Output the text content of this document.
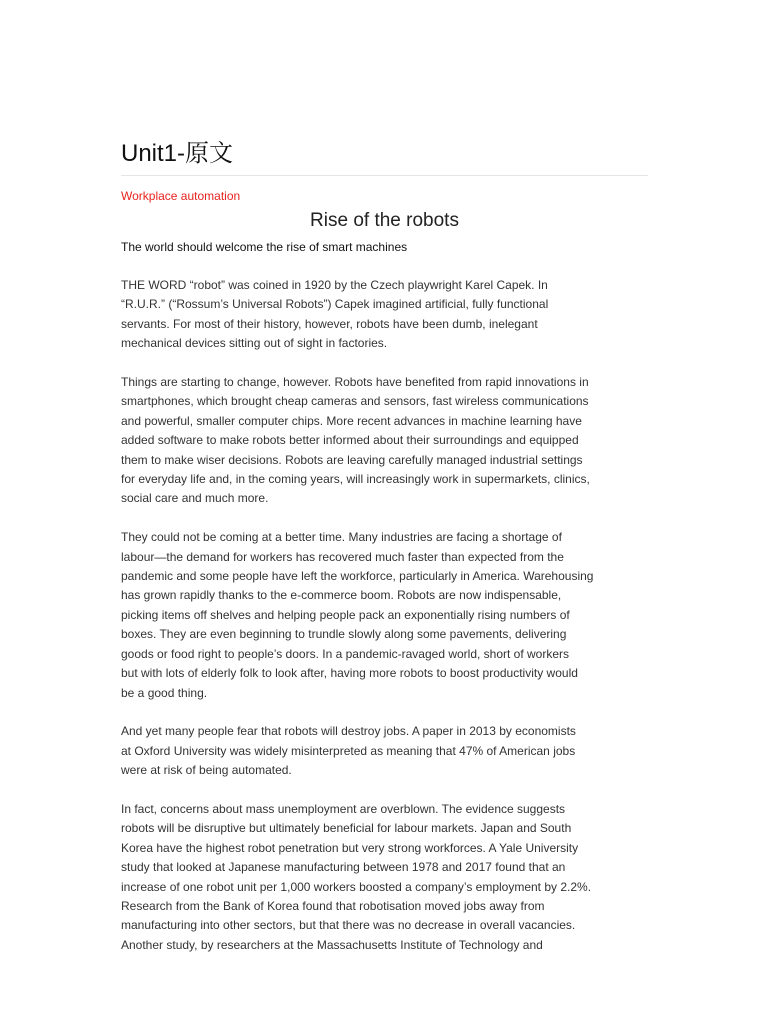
Unit1-原文
Workplace automation
Rise of the robots
The world should welcome the rise of smart machines

THE WORD “robot” was coined in 1920 by the Czech playwright Karel Capek. In
“R.U.R.” (“Rossum’s Universal Robots”) Capek imagined artificial, fully functional
servants. For most of their history, however, robots have been dumb, inelegant
mechanical devices sitting out of sight in factories.

Things are starting to change, however. Robots have benefited from rapid innovations in
smartphones, which brought cheap cameras and sensors, fast wireless communications
and powerful, smaller computer chips. More recent advances in machine learning have
added software to make robots better informed about their surroundings and equipped
them to make wiser decisions. Robots are leaving carefully managed industrial settings
for everyday life and, in the coming years, will increasingly work in supermarkets, clinics,
social care and much more.

They could not be coming at a better time. Many industries are facing a shortage of
labour—the demand for workers has recovered much faster than expected from the
pandemic and some people have left the workforce, particularly in America. Warehousing
has grown rapidly thanks to the e-commerce boom. Robots are now indispensable,
picking items off shelves and helping people pack an exponentially rising numbers of
boxes. They are even beginning to trundle slowly along some pavements, delivering
goods or food right to people’s doors. In a pandemic-ravaged world, short of workers
but with lots of elderly folk to look after, having more robots to boost productivity would
be a good thing.

And yet many people fear that robots will destroy jobs. A paper in 2013 by economists
at Oxford University was widely misinterpreted as meaning that 47% of American jobs
were at risk of being automated.

In fact, concerns about mass unemployment are overblown. The evidence suggests
robots will be disruptive but ultimately beneficial for labour markets. Japan and South
Korea have the highest robot penetration but very strong workforces. A Yale University
study that looked at Japanese manufacturing between 1978 and 2017 found that an
increase of one robot unit per 1,000 workers boosted a company’s employment by 2.2%.
Research from the Bank of Korea found that robotisation moved jobs away from
manufacturing into other sectors, but that there was no decrease in overall vacancies.
Another study, by researchers at the Massachusetts Institute of Technology and
